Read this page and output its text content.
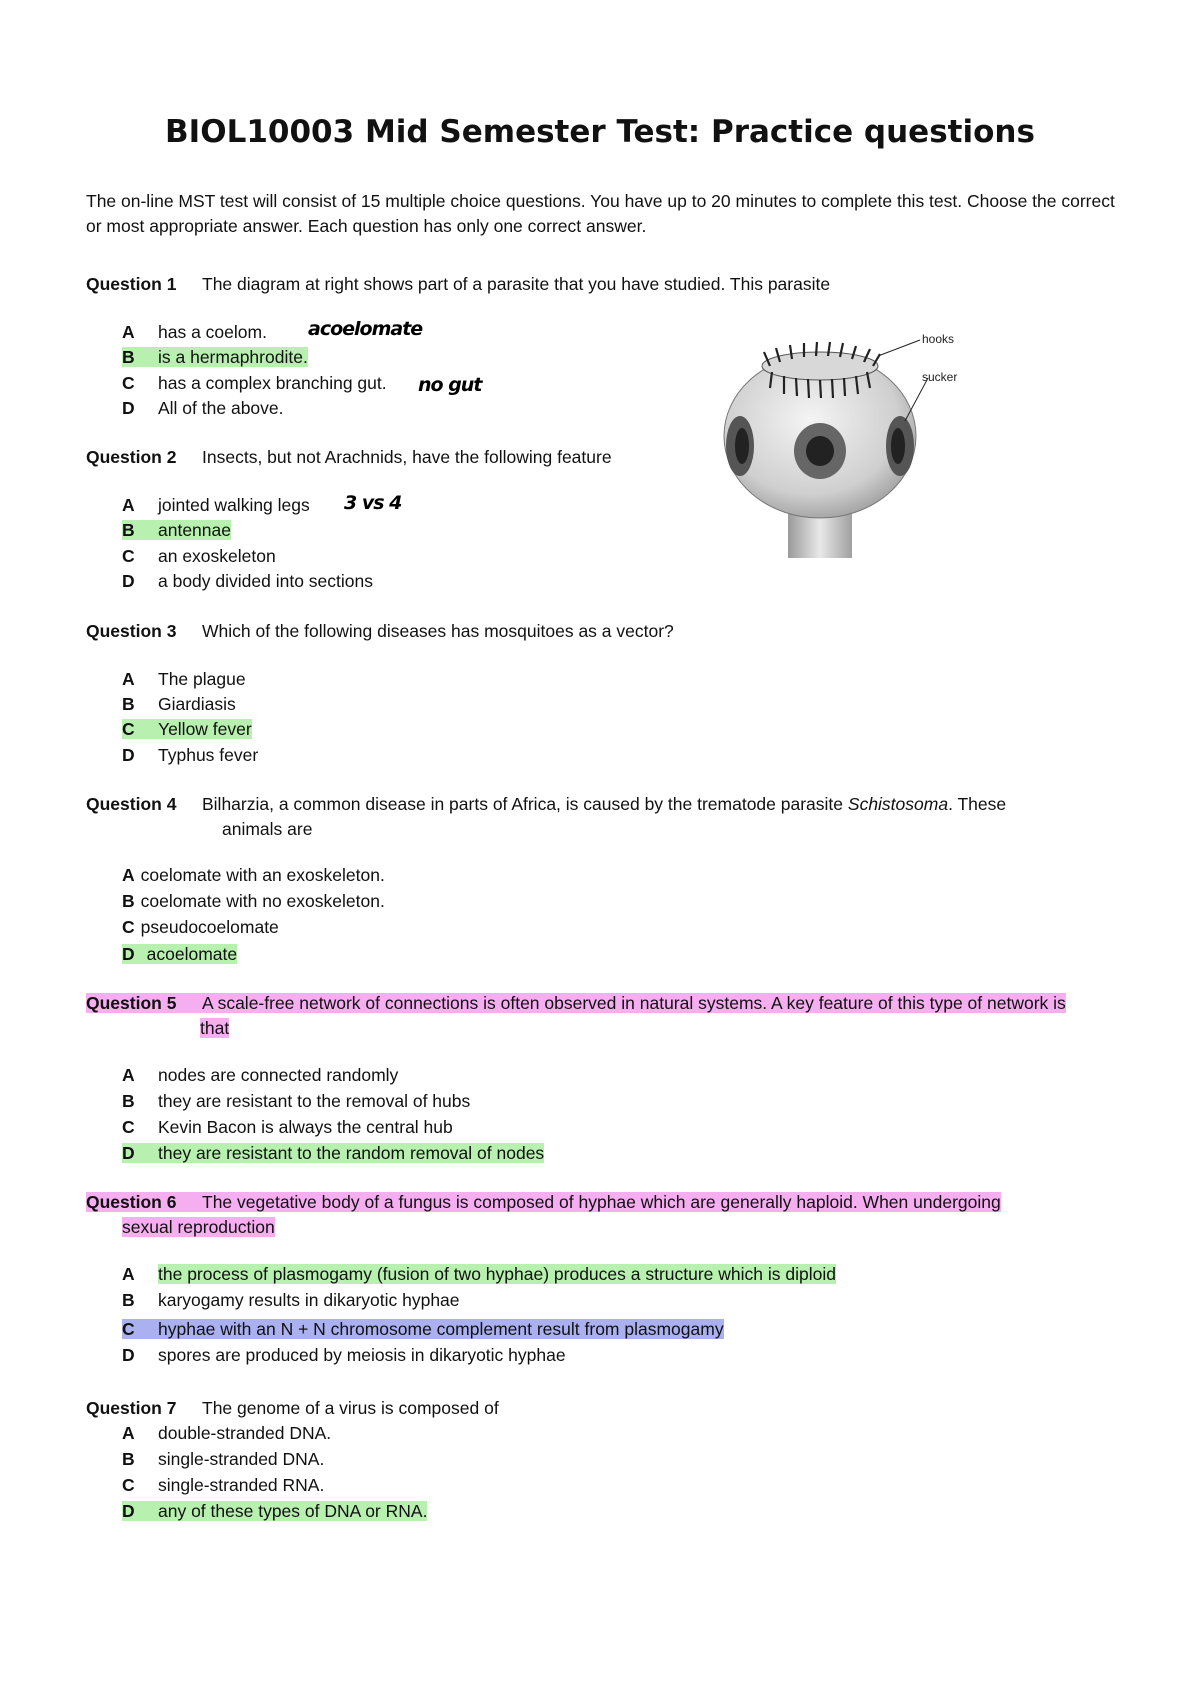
BIOL10003 Mid Semester Test: Practice questions
The on-line MST test will consist of 15 multiple choice questions. You have up to 20 minutes to complete this test. Choose the correct or most appropriate answer. Each question has only one correct answer.
Question 1 The diagram at right shows part of a parasite that you have studied. This parasite
A has a coelom.
B is a hermaphrodite.
C has a complex branching gut.
D All of the above.
acoelomate
no gut
hooks
sucker
Question 2 Insects, but not Arachnids, have the following feature
A jointed walking legs
B antennae
C an exoskeleton
D a body divided into sections
3 vs 4
Question 3 Which of the following diseases has mosquitoes as a vector?
A The plague
B Giardiasis
C Yellow fever
D Typhus fever
Question 4 Bilharzia, a common disease in parts of Africa, is caused by the trematode parasite Schistosoma. These
animals are
A coelomate with an exoskeleton.
B coelomate with no exoskeleton.
C pseudocoelomate
D acoelomate
Question 5 A scale-free network of connections is often observed in natural systems. A key feature of this type of network is
that
A nodes are connected randomly
B they are resistant to the removal of hubs
C Kevin Bacon is always the central hub
D they are resistant to the random removal of nodes
Question 6 The vegetative body of a fungus is composed of hyphae which are generally haploid. When undergoing
sexual reproduction
A the process of plasmogamy (fusion of two hyphae) produces a structure which is diploid
B karyogamy results in dikaryotic hyphae
C hyphae with an N + N chromosome complement result from plasmogamy
D spores are produced by meiosis in dikaryotic hyphae
Question 7 The genome of a virus is composed of
A double-stranded DNA.
B single-stranded DNA.
C single-stranded RNA.
D any of these types of DNA or RNA.
